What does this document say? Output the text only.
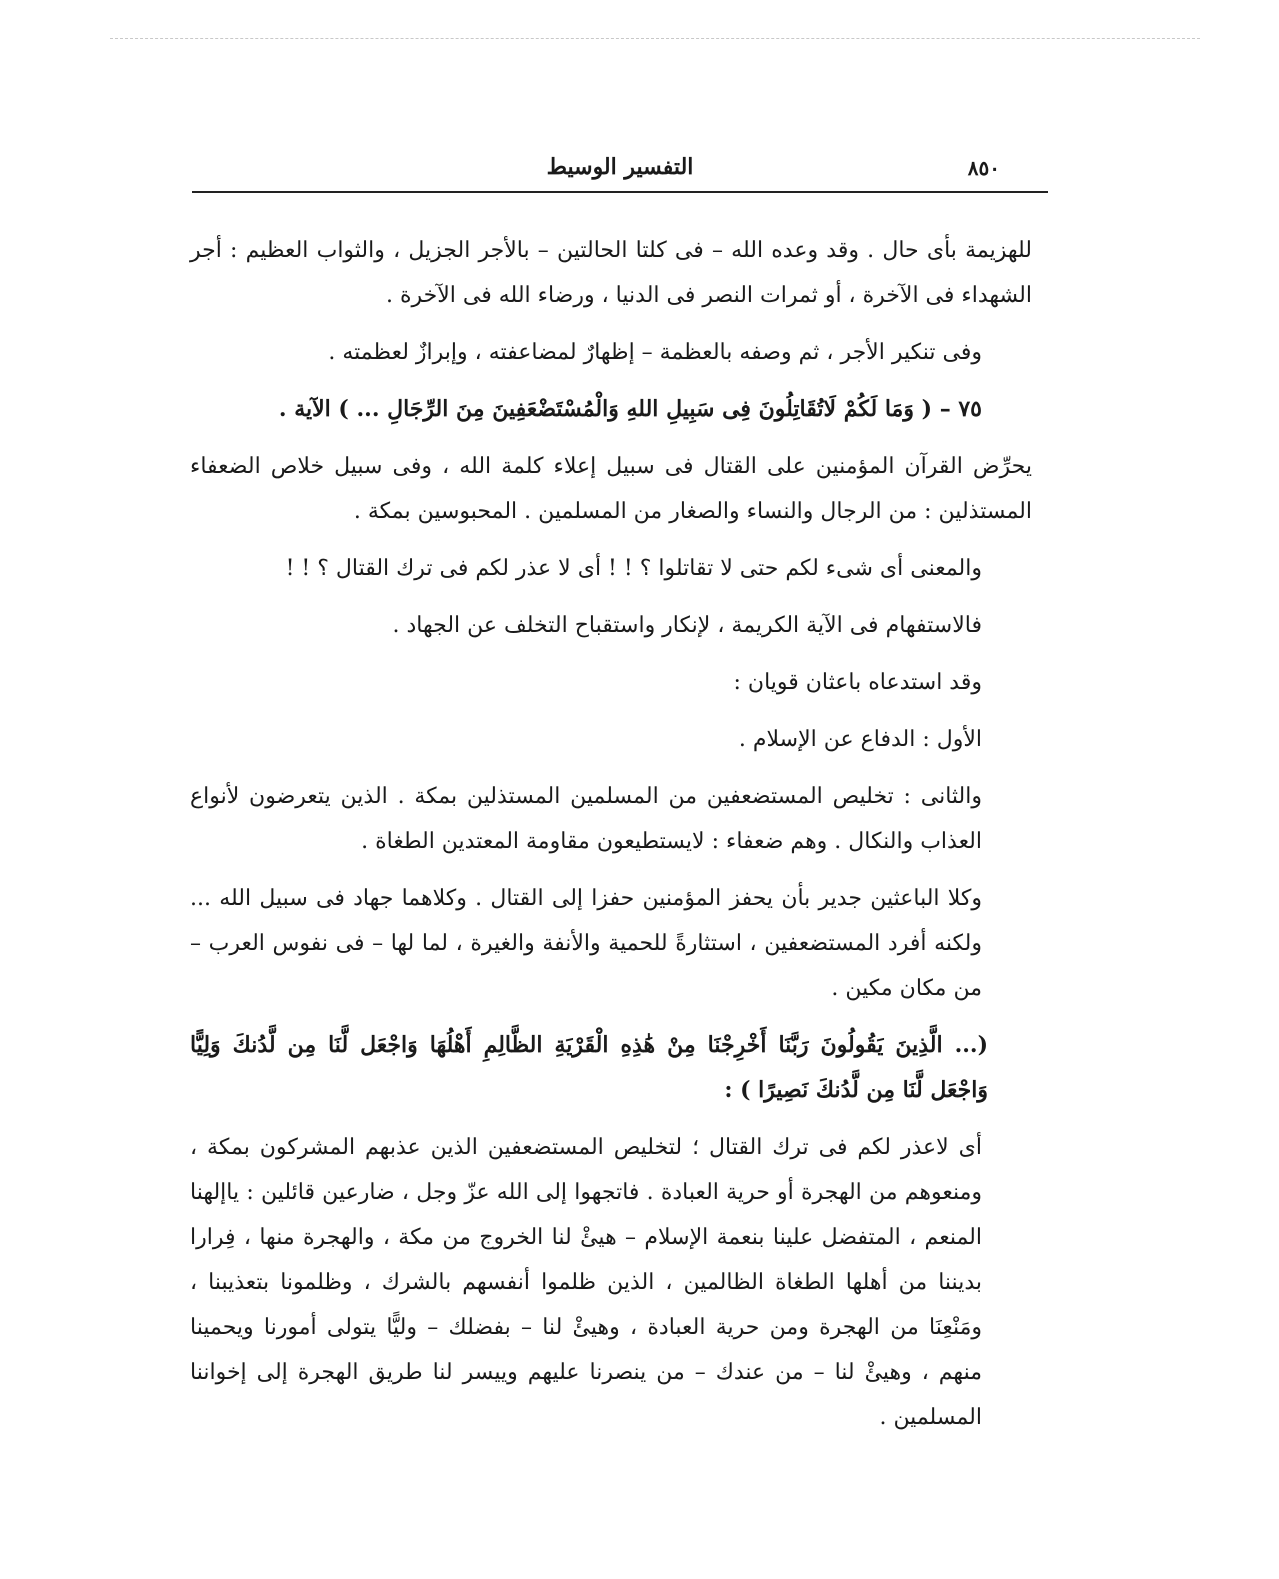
التفسير الوسيط	٨٥٠

للهزيمة بأى حال . وقد وعده الله – فى كلتا الحالتين – بالأجر الجزيل ، والثواب العظيم : أجر الشهداء فى الآخرة ، أو ثمرات النصر فى الدنيا ، ورضاء الله فى الآخرة .

وفى تنكير الأجر ، ثم وصفه بالعظمة – إظهارٌ لمضاعفته ، وإبرازٌ لعظمته .

٧٥ – ( وَمَا لَكُمْ لَاتُقَاتِلُونَ فِى سَبِيلِ اللهِ وَالْمُسْتَضْعَفِينَ مِنَ الرِّجَالِ ... ) الآية .

يحرِّض القرآن المؤمنين على القتال فى سبيل إعلاء كلمة الله ، وفى سبيل خلاص الضعفاء المستذلين : من الرجال والنساء والصغار من المسلمين . المحبوسين بمكة .

والمعنى أى شىء لكم حتى لا تقاتلوا ؟ ! ! أى لا عذر لكم فى ترك القتال ؟ ! !

فالاستفهام فى الآية الكريمة ، لإنكار واستقباح التخلف عن الجهاد .

وقد استدعاه باعثان قويان :

الأول : الدفاع عن الإسلام .

والثانى : تخليص المستضعفين من المسلمين المستذلين بمكة . الذين يتعرضون لأنواع العذاب والنكال . وهم ضعفاء : لايستطيعون مقاومة المعتدين الطغاة .

وكلا الباعثين جدير بأن يحفز المؤمنين حفزا إلى القتال . وكلاهما جهاد فى سبيل الله ... ولكنه أفرد المستضعفين ، استثارةً للحمية والأنفة والغيرة ، لما لها – فى نفوس العرب – من مكان مكين .

(... الَّذِينَ يَقُولُونَ رَبَّنَا أَخْرِجْنَا مِنْ هَٰذِهِ الْقَرْيَةِ الظَّالِمِ أَهْلُهَا وَاجْعَل لَّنَا مِن لَّدُنكَ وَلِيًّا وَاجْعَل لَّنَا مِن لَّدُنكَ نَصِيرًا ) :

أى لاعذر لكم فى ترك القتال ؛ لتخليص المستضعفين الذين عذبهم المشركون بمكة ، ومنعوهم من الهجرة أو حرية العبادة . فاتجهوا إلى الله عزّ وجل ، ضارعين قائلين : ياإلهنا المنعم ، المتفضل علينا بنعمة الإسلام – هيئْ لنا الخروج من مكة ، والهجرة منها ، فِرارا بديننا من أهلها الطغاة الظالمين ، الذين ظلموا أنفسهم بالشرك ، وظلمونا بتعذيبنا ، ومَنْعِنَا من الهجرة ومن حرية العبادة ، وهيئْ لنا – بفضلك – وليًّا يتولى أمورنا ويحمينا منهم ، وهيئْ لنا – من عندك – من ينصرنا عليهم وييسر لنا طريق الهجرة إلى إخواننا المسلمين .
